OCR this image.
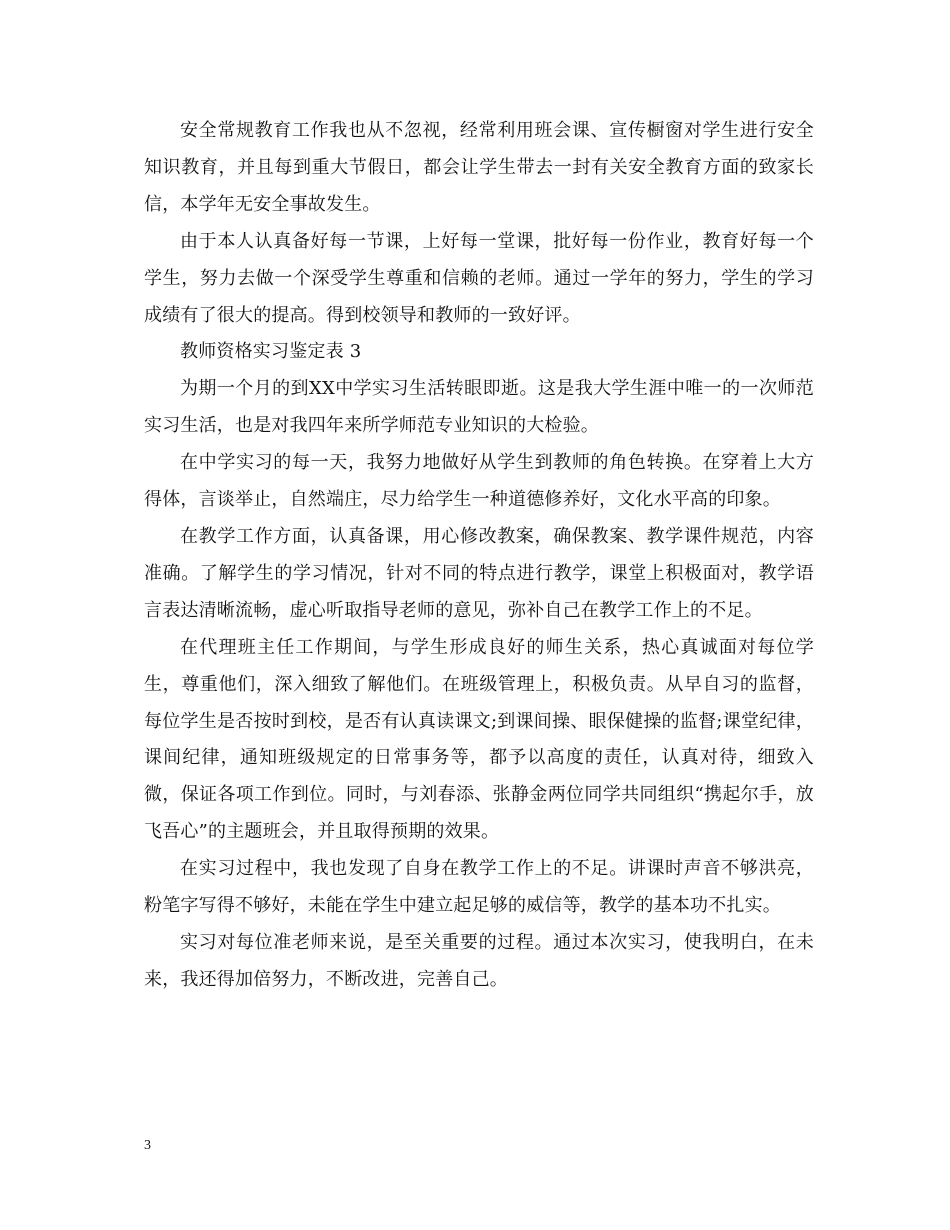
安全常规教育工作我也从不忽视，经常利用班会课、宣传橱窗对学生进行安全知识教育，并且每到重大节假日，都会让学生带去一封有关安全教育方面的致家长信，本学年无安全事故发生。

由于本人认真备好每一节课，上好每一堂课，批好每一份作业，教育好每一个学生，努力去做一个深受学生尊重和信赖的老师。通过一学年的努力，学生的学习成绩有了很大的提高。得到校领导和教师的一致好评。

教师资格实习鉴定表 3

为期一个月的到XX中学实习生活转眼即逝。这是我大学生涯中唯一的一次师范实习生活，也是对我四年来所学师范专业知识的大检验。

在中学实习的每一天，我努力地做好从学生到教师的角色转换。在穿着上大方得体，言谈举止，自然端庄，尽力给学生一种道德修养好，文化水平高的印象。

在教学工作方面，认真备课，用心修改教案，确保教案、教学课件规范，内容准确。了解学生的学习情况，针对不同的特点进行教学，课堂上积极面对，教学语言表达清晰流畅，虚心听取指导老师的意见，弥补自己在教学工作上的不足。

在代理班主任工作期间，与学生形成良好的师生关系，热心真诚面对每位学生，尊重他们，深入细致了解他们。在班级管理上，积极负责。从早自习的监督，每位学生是否按时到校，是否有认真读课文;到课间操、眼保健操的监督;课堂纪律，课间纪律，通知班级规定的日常事务等，都予以高度的责任，认真对待，细致入微，保证各项工作到位。同时，与刘春添、张静金两位同学共同组织“携起尔手，放飞吾心”的主题班会，并且取得预期的效果。

在实习过程中，我也发现了自身在教学工作上的不足。讲课时声音不够洪亮，粉笔字写得不够好，未能在学生中建立起足够的威信等，教学的基本功不扎实。

实习对每位准老师来说，是至关重要的过程。通过本次实习，使我明白，在未来，我还得加倍努力，不断改进，完善自己。

3
